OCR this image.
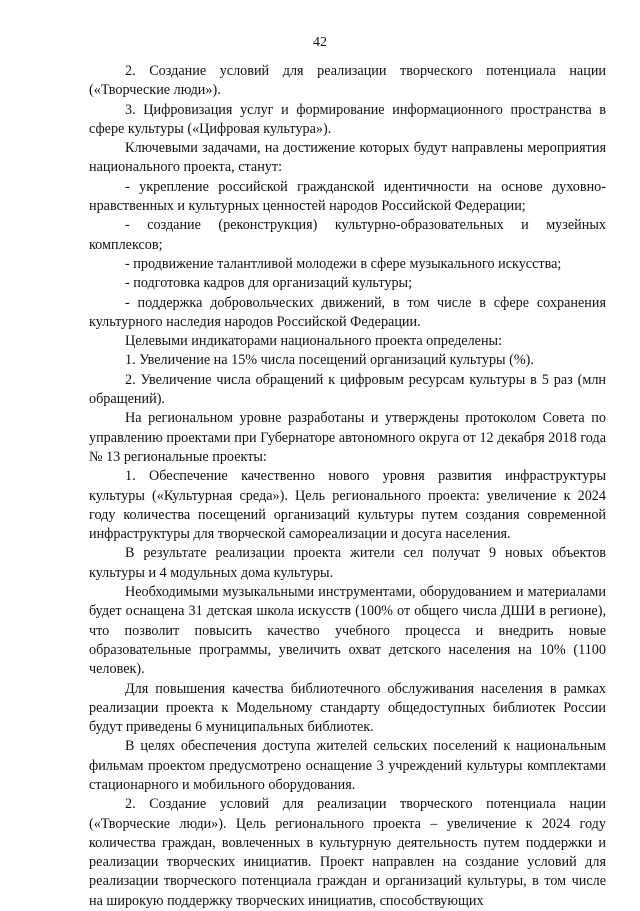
42

2. Создание условий для реализации творческого потенциала нации («Творческие люди»).

3. Цифровизация услуг и формирование информационного пространства в сфере культуры («Цифровая культура»).

Ключевыми задачами, на достижение которых будут направлены мероприятия национального проекта, станут:

- укрепление российской гражданской идентичности на основе духовно-нравственных и культурных ценностей народов Российской Федерации;

- создание (реконструкция) культурно-образовательных и музейных комплексов;

- продвижение талантливой молодежи в сфере музыкального искусства;

- подготовка кадров для организаций культуры;

- поддержка добровольческих движений, в том числе в сфере сохранения культурного наследия народов Российской Федерации.

Целевыми индикаторами национального проекта определены:

1. Увеличение на 15% числа посещений организаций культуры (%).

2. Увеличение числа обращений к цифровым ресурсам культуры в 5 раз (млн обращений).

На региональном уровне разработаны и утверждены протоколом Совета по управлению проектами при Губернаторе автономного округа от 12 декабря 2018 года № 13 региональные проекты:

1. Обеспечение качественно нового уровня развития инфраструктуры культуры («Культурная среда»). Цель регионального проекта: увеличение к 2024 году количества посещений организаций культуры путем создания современной инфраструктуры для творческой самореализации и досуга населения.

В результате реализации проекта жители сел получат 9 новых объектов культуры и 4 модульных дома культуры.

Необходимыми музыкальными инструментами, оборудованием и материалами будет оснащена 31 детская школа искусств (100% от общего числа ДШИ в регионе), что позволит повысить качество учебного процесса и внедрить новые образовательные программы, увеличить охват детского населения на 10% (1100 человек).

Для повышения качества библиотечного обслуживания населения в рамках реализации проекта к Модельному стандарту общедоступных библиотек России будут приведены 6 муниципальных библиотек.

В целях обеспечения доступа жителей сельских поселений к национальным фильмам проектом предусмотрено оснащение 3 учреждений культуры комплектами стационарного и мобильного оборудования.

2. Создание условий для реализации творческого потенциала нации («Творческие люди»). Цель регионального проекта – увеличение к 2024 году количества граждан, вовлеченных в культурную деятельность путем поддержки и реализации творческих инициатив. Проект направлен на создание условий для реализации творческого потенциала граждан и организаций культуры, в том числе на широкую поддержку творческих инициатив, способствующих
